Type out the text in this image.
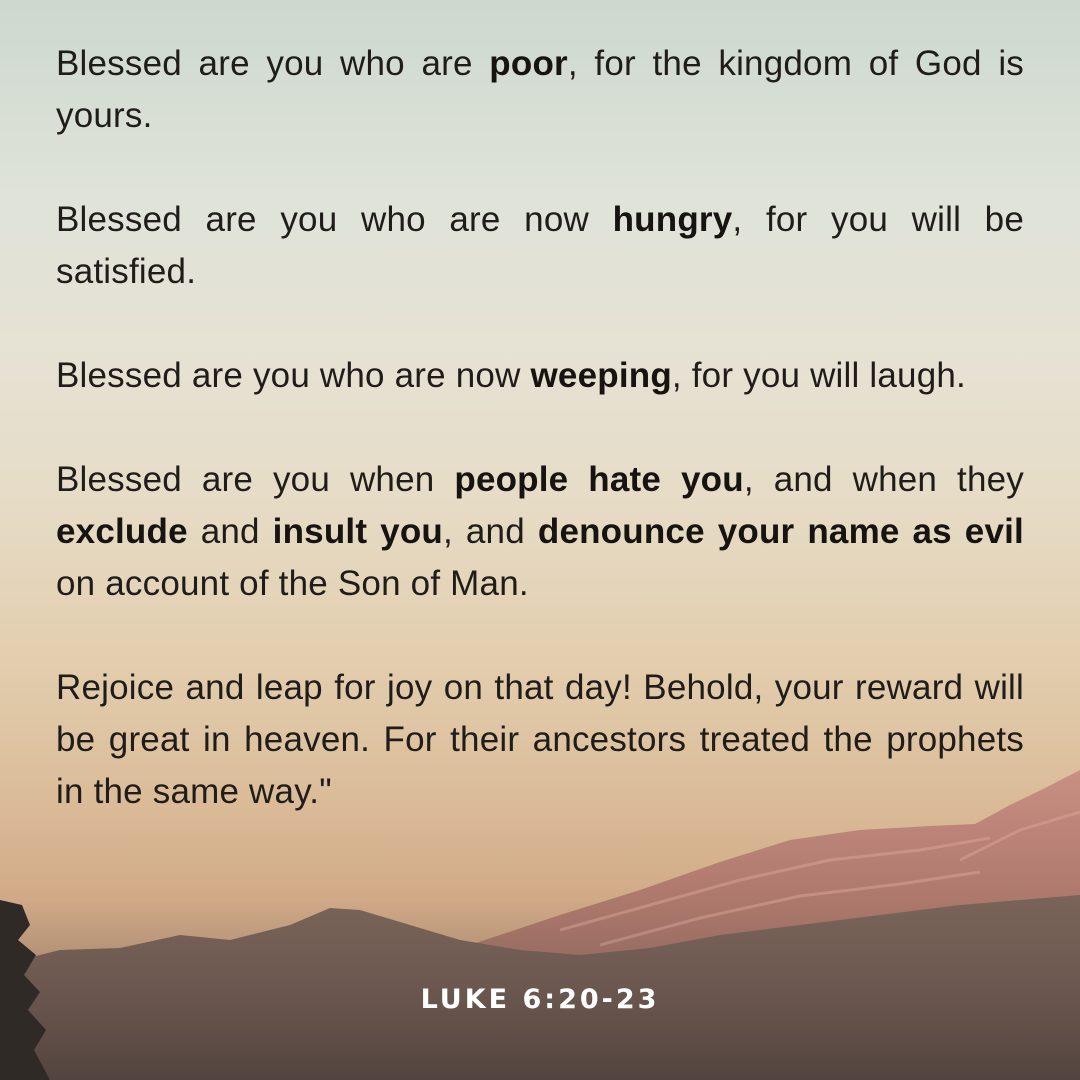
Blessed are you who are poor, for the kingdom of God is yours.

Blessed are you who are now hungry, for you will be satisfied.

Blessed are you who are now weeping, for you will laugh.

Blessed are you when people hate you, and when they exclude and insult you, and denounce your name as evil on account of the Son of Man.

Rejoice and leap for joy on that day! Behold, your reward will be great in heaven. For their ancestors treated the prophets in the same way."

LUKE 6:20-23
